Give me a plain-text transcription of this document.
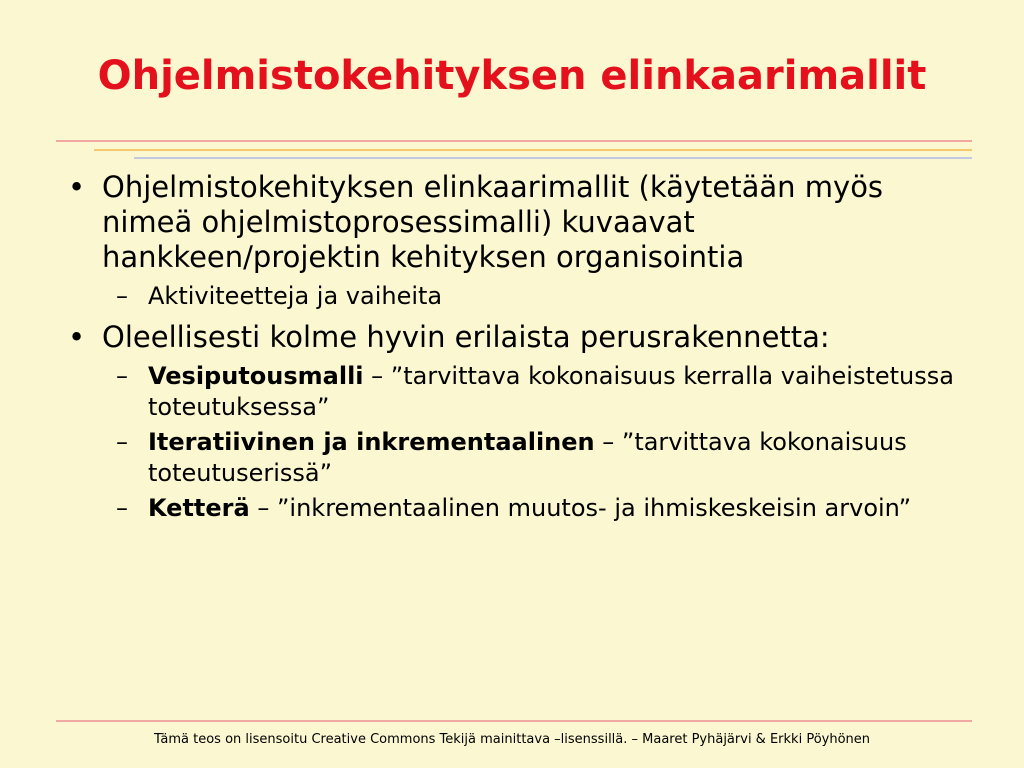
Ohjelmistokehityksen elinkaarimallit
• Ohjelmistokehityksen elinkaarimallit (käytetään myös nimeä ohjelmistoprosessimalli) kuvaavat hankkeen/projektin kehityksen organisointia
– Aktiviteetteja ja vaiheita
• Oleellisesti kolme hyvin erilaista perusrakennetta:
– Vesiputousmalli – ”tarvittava kokonaisuus kerralla vaiheistetussa toteutuksessa”
– Iteratiivinen ja inkrementaalinen – ”tarvittava kokonaisuus toteutuserissä”
– Ketterä – ”inkrementaalinen muutos- ja ihmiskeskeisin arvoin”
Tämä teos on lisensoitu Creative Commons Tekijä mainittava –lisenssillä. – Maaret Pyhäjärvi & Erkki Pöyhönen
